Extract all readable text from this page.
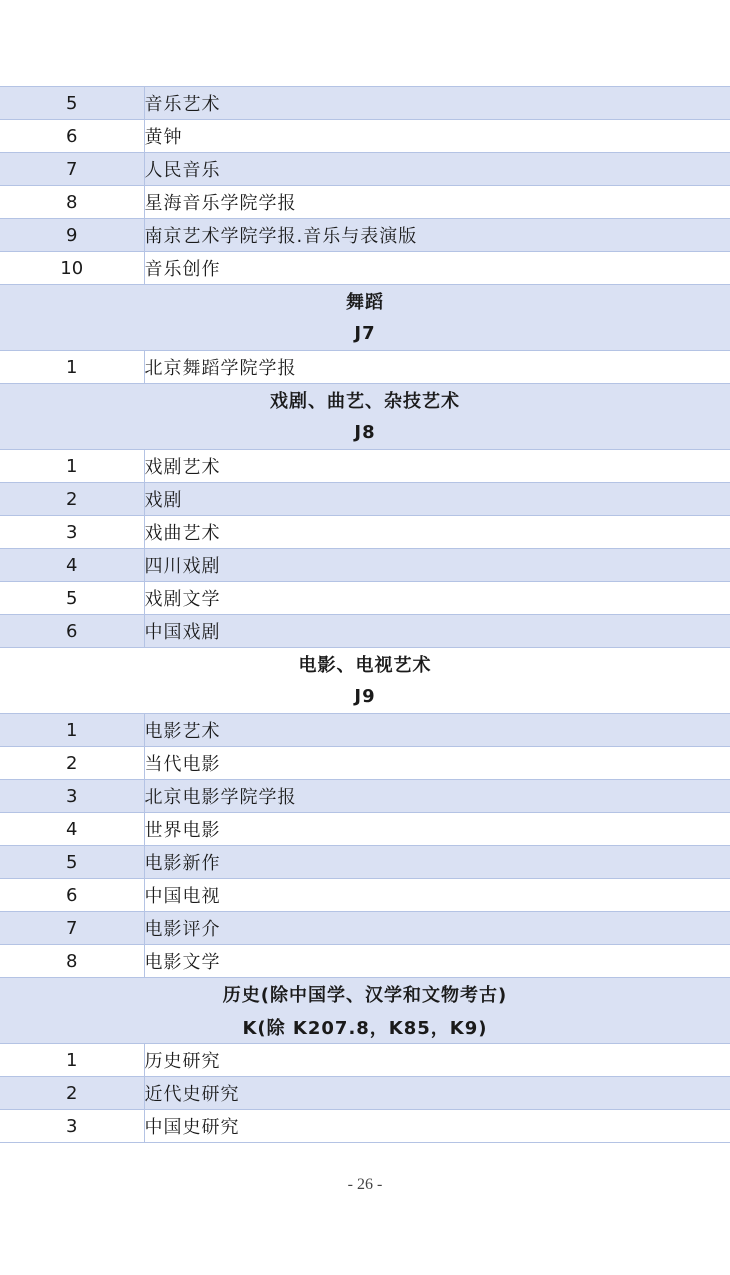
5	音乐艺术
6	黄钟
7	人民音乐
8	星海音乐学院学报
9	南京艺术学院学报.音乐与表演版
10	音乐创作
舞蹈	
J7	
1	北京舞蹈学院学报
戏剧、曲艺、杂技艺术	
J8	
1	戏剧艺术
2	戏剧
3	戏曲艺术
4	四川戏剧
5	戏剧文学
6	中国戏剧
电影、电视艺术	
J9	
1	电影艺术
2	当代电影
3	北京电影学院学报
4	世界电影
5	电影新作
6	中国电视
7	电影评介
8	电影文学
历史(除中国学、汉学和文物考古)	
K(除 K207.8，K85，K9)	
1	历史研究
2	近代史研究
3	中国史研究
- 26 -
